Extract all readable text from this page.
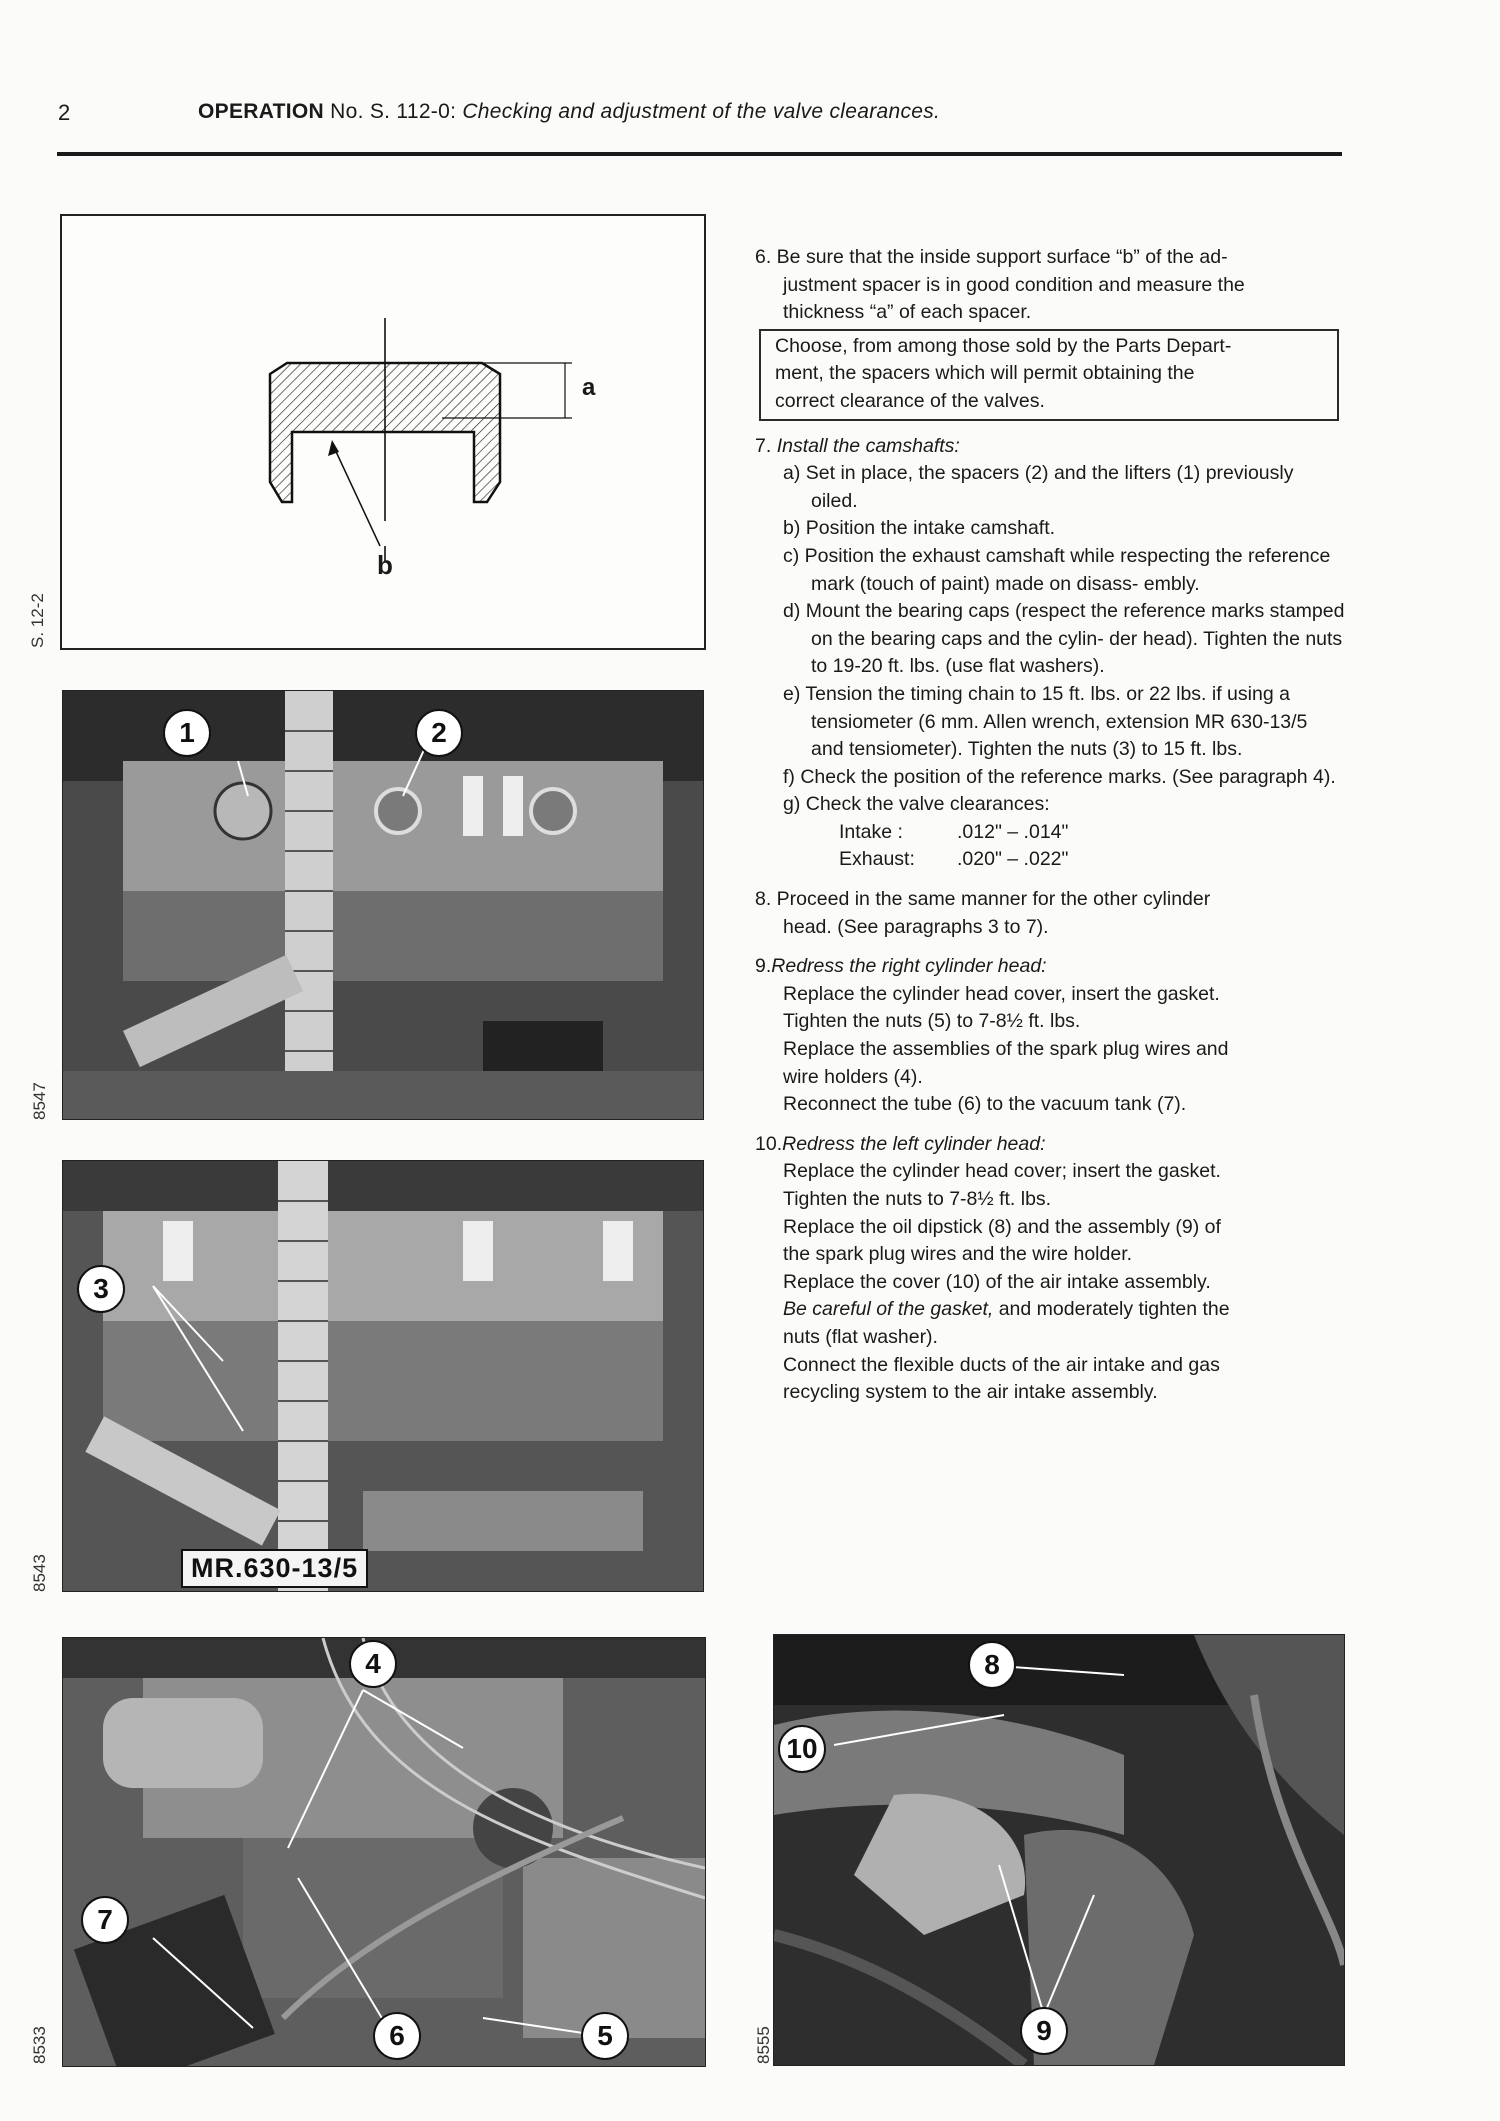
2	OPERATION No. S. 112-0: Checking and adjustment of the valve clearances.
a
b
S. 12-2
1	2
8547
3
MR.630-13/5
8543
4
7
6	5
8533
8
10
9
8555
6. Be sure that the inside support surface “b” of the ad-
justment spacer is in good condition and measure the
thickness “a” of each spacer.
Choose, from among those sold by the Parts Depart-
ment, the spacers which will permit obtaining the
correct clearance of the valves.
7. Install the camshafts:
a) Set in place, the spacers (2) and the lifters (1) previously oiled.
b) Position the intake camshaft.
c) Position the exhaust camshaft while respecting the reference mark (touch of paint) made on disass- embly.
d) Mount the bearing caps (respect the reference marks stamped on the bearing caps and the cylin- der head). Tighten the nuts to 19-20 ft. lbs. (use flat washers).
e) Tension the timing chain to 15 ft. lbs. or 22 lbs. if using a tensiometer (6 mm. Allen wrench, extension MR 630-13/5 and tensiometer). Tighten the nuts (3) to 15 ft. lbs.
f) Check the position of the reference marks. (See paragraph 4).
g) Check the valve clearances:
Intake :	.012" – .014"
Exhaust:	.020" – .022"
8. Proceed in the same manner for the other cylinder
head. (See paragraphs 3 to 7).
9.Redress the right cylinder head:
Replace the cylinder head cover, insert the gasket.
Tighten the nuts (5) to 7-8½ ft. lbs.
Replace the assemblies of the spark plug wires and
wire holders (4).
Reconnect the tube (6) to the vacuum tank (7).
10.Redress the left cylinder head:
Replace the cylinder head cover; insert the gasket.
Tighten the nuts to 7-8½ ft. lbs.
Replace the oil dipstick (8) and the assembly (9) of
the spark plug wires and the wire holder.
Replace the cover (10) of the air intake assembly.
Be careful of the gasket, and moderately tighten the
nuts (flat washer).
Connect the flexible ducts of the air intake and gas
recycling system to the air intake assembly.
